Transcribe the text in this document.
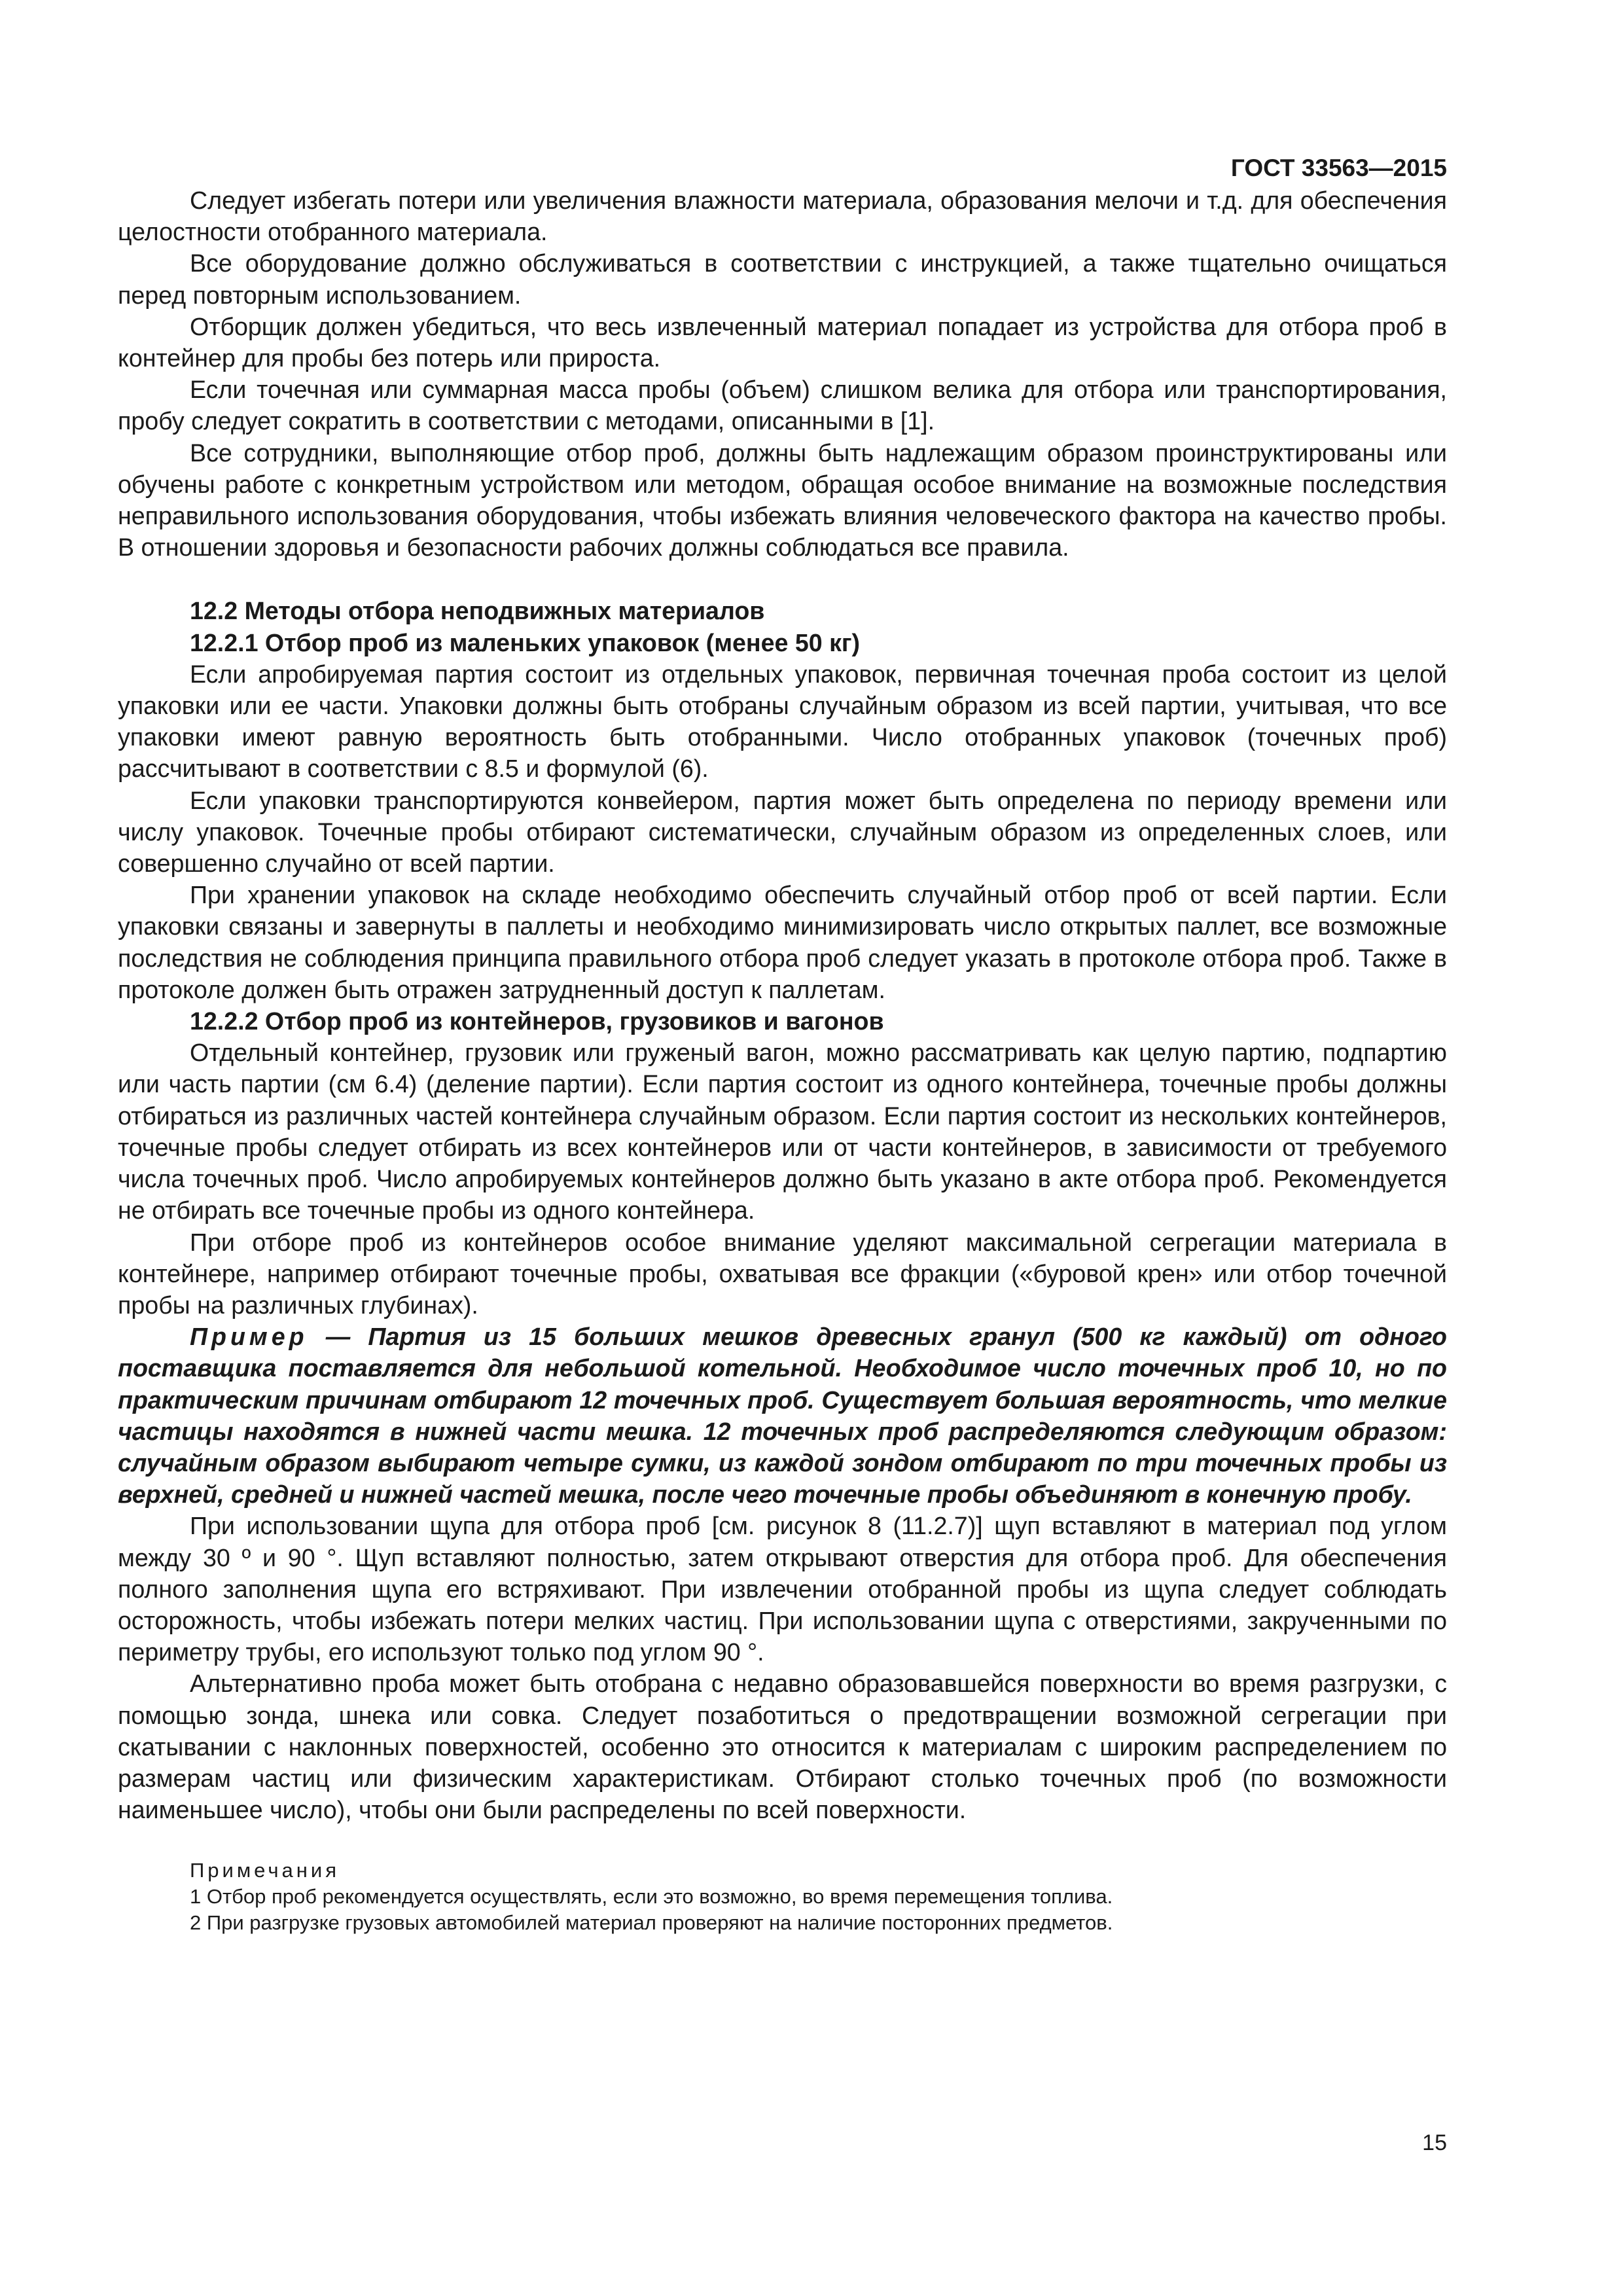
ГОСТ 33563—2015

Следует избегать потери или увеличения влажности материала, образования мелочи и т.д. для обеспечения целостности отобранного материала.

Все оборудование должно обслуживаться в соответствии с инструкцией, а также тщательно очищаться перед повторным использованием.

Отборщик должен убедиться, что весь извлеченный материал попадает из устройства для отбора проб в контейнер для пробы без потерь или прироста.

Если точечная или суммарная масса пробы (объем) слишком велика для отбора или транспортирования, пробу следует сократить в соответствии с методами, описанными в [1].

Все сотрудники, выполняющие отбор проб, должны быть надлежащим образом проинструктированы или обучены работе с конкретным устройством или методом, обращая особое внимание на возможные последствия неправильного использования оборудования, чтобы избежать влияния человеческого фактора на качество пробы. В отношении здоровья и безопасности рабочих должны соблюдаться все правила.

12.2 Методы отбора неподвижных материалов

12.2.1 Отбор проб из маленьких упаковок (менее 50 кг)

Если апробируемая партия состоит из отдельных упаковок, первичная точечная проба состоит из целой упаковки или ее части. Упаковки должны быть отобраны случайным образом из всей партии, учитывая, что все упаковки имеют равную вероятность быть отобранными. Число отобранных упаковок (точечных проб) рассчитывают в соответствии с 8.5 и формулой (6).

Если упаковки транспортируются конвейером, партия может быть определена по периоду времени или числу упаковок. Точечные пробы отбирают систематически, случайным образом из определенных слоев, или совершенно случайно от всей партии.

При хранении упаковок на складе необходимо обеспечить случайный отбор проб от всей партии. Если упаковки связаны и завернуты в паллеты и необходимо минимизировать число открытых паллет, все возможные последствия не соблюдения принципа правильного отбора проб следует указать в протоколе отбора проб. Также в протоколе должен быть отражен затрудненный доступ к паллетам.

12.2.2 Отбор проб из контейнеров, грузовиков и вагонов

Отдельный контейнер, грузовик или груженый вагон, можно рассматривать как целую партию, подпартию или часть партии (см 6.4) (деление партии). Если партия состоит из одного контейнера, точечные пробы должны отбираться из различных частей контейнера случайным образом. Если партия состоит из нескольких контейнеров, точечные пробы следует отбирать из всех контейнеров или от части контейнеров, в зависимости от требуемого числа точечных проб. Число апробируемых контейнеров должно быть указано в акте отбора проб. Рекомендуется не отбирать все точечные пробы из одного контейнера.

При отборе проб из контейнеров особое внимание уделяют максимальной сегрегации материала в контейнере, например отбирают точечные пробы, охватывая все фракции («буровой крен» или отбор точечной пробы на различных глубинах).

Пример — Партия из 15 больших мешков древесных гранул (500 кг каждый) от одного поставщика поставляется для небольшой котельной. Необходимое число точечных проб 10, но по практическим причинам отбирают 12 точечных проб. Существует большая вероятность, что мелкие частицы находятся в нижней части мешка. 12 точечных проб распределяются следующим образом: случайным образом выбирают четыре сумки, из каждой зондом отбирают по три точечных пробы из верхней, средней и нижней частей мешка, после чего точечные пробы объединяют в конечную пробу.

При использовании щупа для отбора проб [см. рисунок 8 (11.2.7)] щуп вставляют в материал под углом между 30 º и 90 °. Щуп вставляют полностью, затем открывают отверстия для отбора проб. Для обеспечения полного заполнения щупа его встряхивают. При извлечении отобранной пробы из щупа следует соблюдать осторожность, чтобы избежать потери мелких частиц. При использовании щупа с отверстиями, закрученными по периметру трубы, его используют только под углом 90 °.

Альтернативно проба может быть отобрана с недавно образовавшейся поверхности во время разгрузки, с помощью зонда, шнека или совка. Следует позаботиться о предотвращении возможной сегрегации при скатывании с наклонных поверхностей, особенно это относится к материалам с широким распределением по размерам частиц или физическим характеристикам. Отбирают столько точечных проб (по возможности наименьшее число), чтобы они были распределены по всей поверхности.

Примечания

1 Отбор проб рекомендуется осуществлять, если это возможно, во время перемещения топлива.

2 При разгрузке грузовых автомобилей материал проверяют на наличие посторонних предметов.

15
